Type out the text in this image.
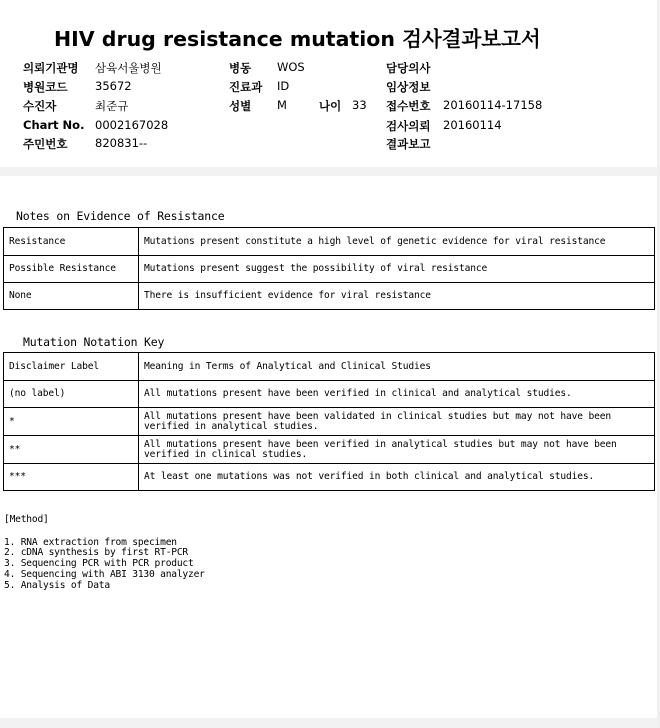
HIV drug resistance mutation 검사결과보고서
의뢰기관명 삼육서울병원
병원코드 35672
수진자	최준규
Chart No. 0002167028
주민번호 820831--
병동 WOS
진료과 ID
성별 M	나이 33
담당의사
임상정보
접수번호 20160114-17158
검사의뢰 20160114
결과보고
Notes on Evidence of Resistance
Resistance	Mutations present constitute a high level of genetic evidence for viral resistance
Possible Resistance	Mutations present suggest the possibility of viral resistance
None	There is insufficient evidence for viral resistance
Mutation Notation Key
Disclaimer Label	Meaning in Terms of Analytical and Clinical Studies
(no label)	All mutations present have been verified in clinical and analytical studies.
*	All mutations present have been validated in clinical studies but may not have been verified in analytical studies.
**	All mutations present have been verified in analytical studies but may not have been verified in clinical studies.
***	At least one mutations was not verified in both clinical and analytical studies.
[Method]
1. RNA extraction from specimen
2. cDNA synthesis by first RT-PCR
3. Sequencing PCR with PCR product
4. Sequencing with ABI 3130 analyzer
5. Analysis of Data
